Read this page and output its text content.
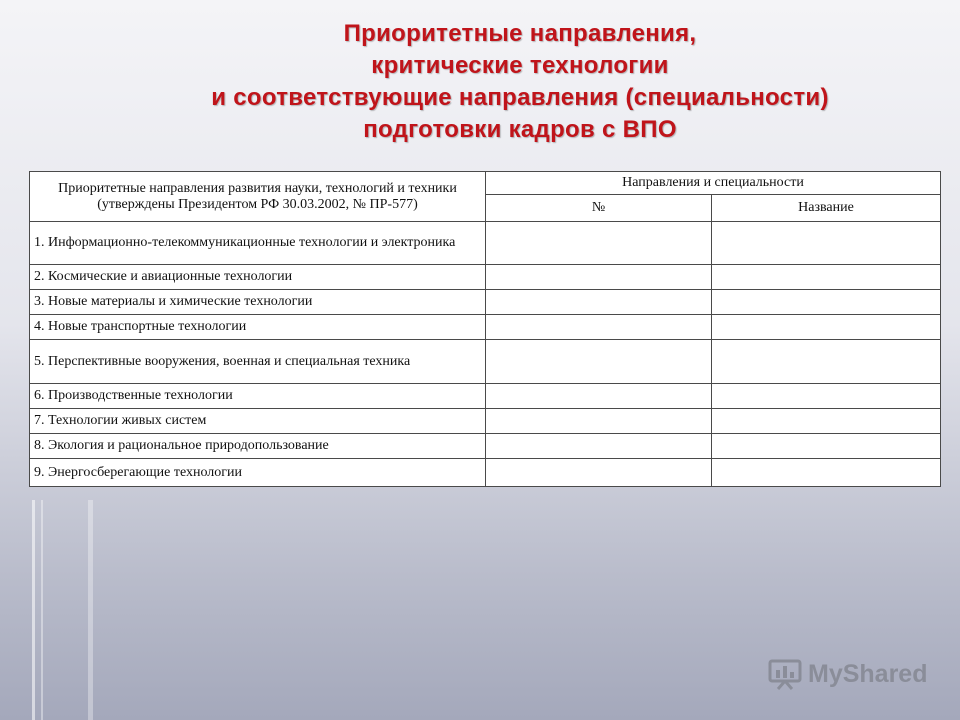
Приоритетные направления,
критические технологии
и соответствующие направления (специальности)
подготовки кадров с ВПО
Приоритетные направления развития науки, технологий и техники (утверждены Президентом РФ 30.03.2002, № ПР-577)	Направления и специальности	
	№	Название
1. Информационно-телекоммуникационные технологии и электроника		
2. Космические и авиационные технологии		
3. Новые материалы и химические технологии		
4. Новые транспортные технологии		
5. Перспективные вооружения, военная и специальная техника		
6. Производственные технологии		
7. Технологии живых систем		
8. Экология и рациональное природопользование		
9. Энергосберегающие технологии		
MyShared
